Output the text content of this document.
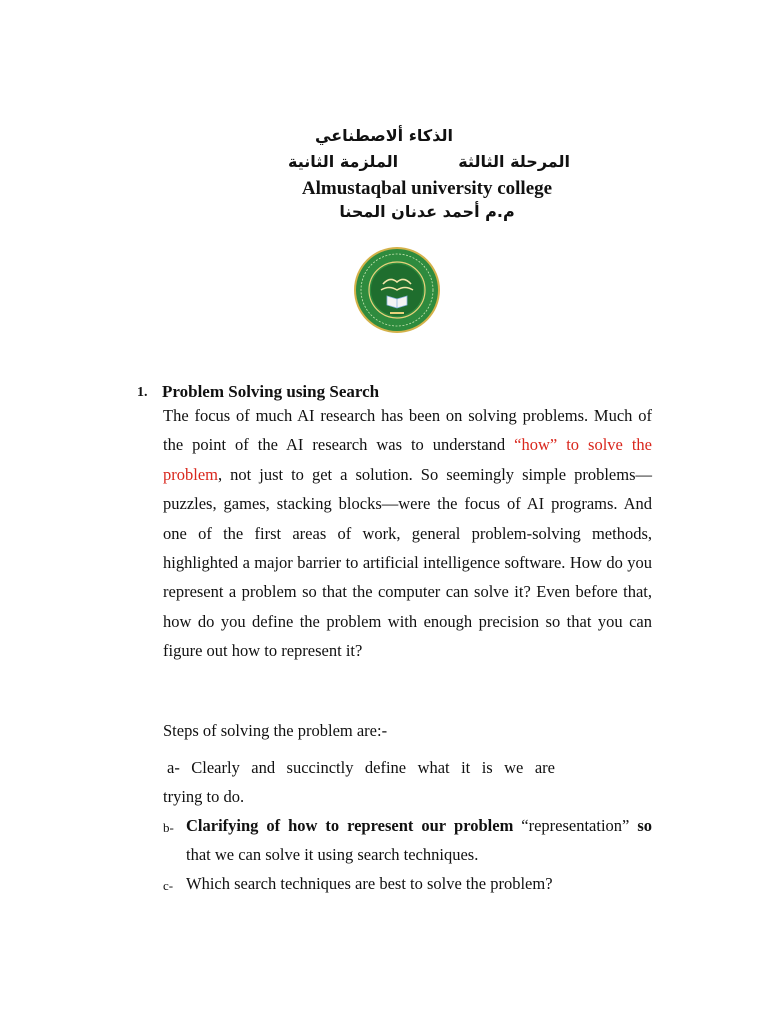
الذكاء ألاصطناعي
المرحلة الثالثة
الملزمة الثانية
Almustaqbal university college
م.م أحمد عدنان المحنا
1. Problem Solving using Search
The focus of much AI research has been on solving problems. Much of the point of the AI research was to understand “how” to solve the problem, not just to get a solution. So seemingly simple problems—puzzles, games, stacking blocks—were the focus of AI programs. And one of the first areas of work, general problem-solving methods, highlighted a major barrier to artificial intelligence software. How do you represent a problem so that the computer can solve it? Even before that, how do you define the problem with enough precision so that you can figure out how to represent it?
Steps of solving the problem are:-
a- Clearly and succinctly define what it is we are
trying to do.
b- Clarifying of how to represent our problem “representation” so
that we can solve it using search techniques.
c- Which search techniques are best to solve the problem?
